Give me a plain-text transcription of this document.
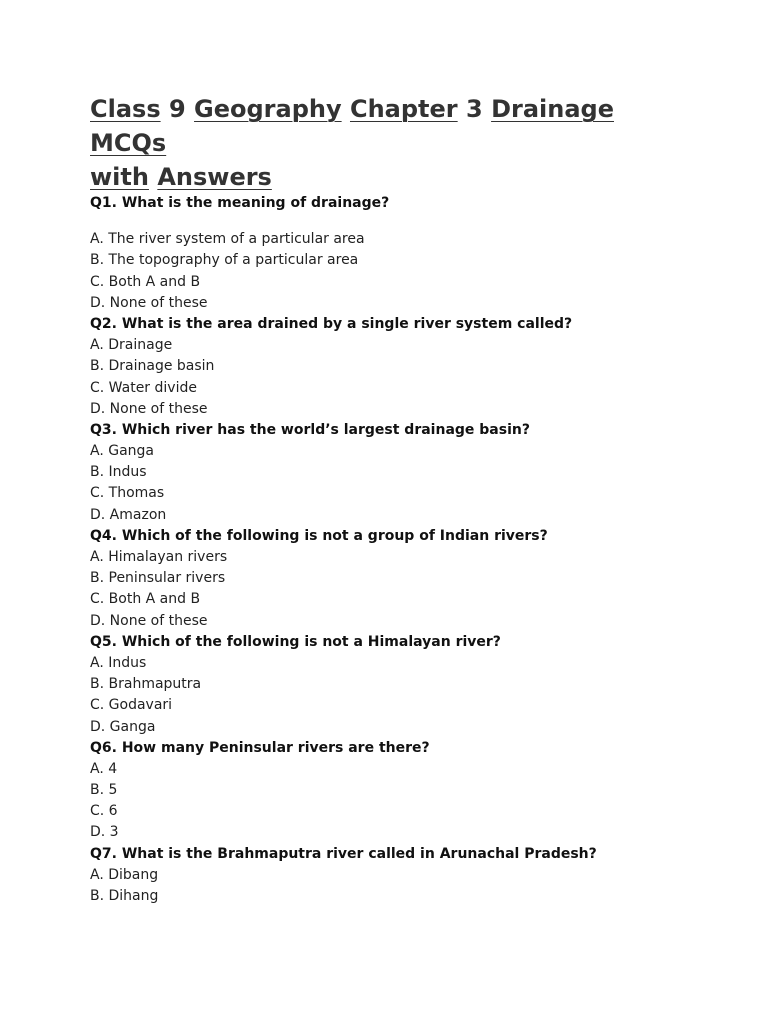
Class 9 Geography Chapter 3 Drainage MCQs
with Answers
Q1. What is the meaning of drainage?
A. The river system of a particular area
B. The topography of a particular area
C. Both A and B
D. None of these
Q2. What is the area drained by a single river system called?
A. Drainage
B. Drainage basin
C. Water divide
D. None of these
Q3. Which river has the world’s largest drainage basin?
A. Ganga
B. Indus
C. Thomas
D. Amazon
Q4. Which of the following is not a group of Indian rivers?
A. Himalayan rivers
B. Peninsular rivers
C. Both A and B
D. None of these
Q5. Which of the following is not a Himalayan river?
A. Indus
B. Brahmaputra
C. Godavari
D. Ganga
Q6. How many Peninsular rivers are there?
A. 4
B. 5
C. 6
D. 3
Q7. What is the Brahmaputra river called in Arunachal Pradesh?
A. Dibang
B. Dihang
